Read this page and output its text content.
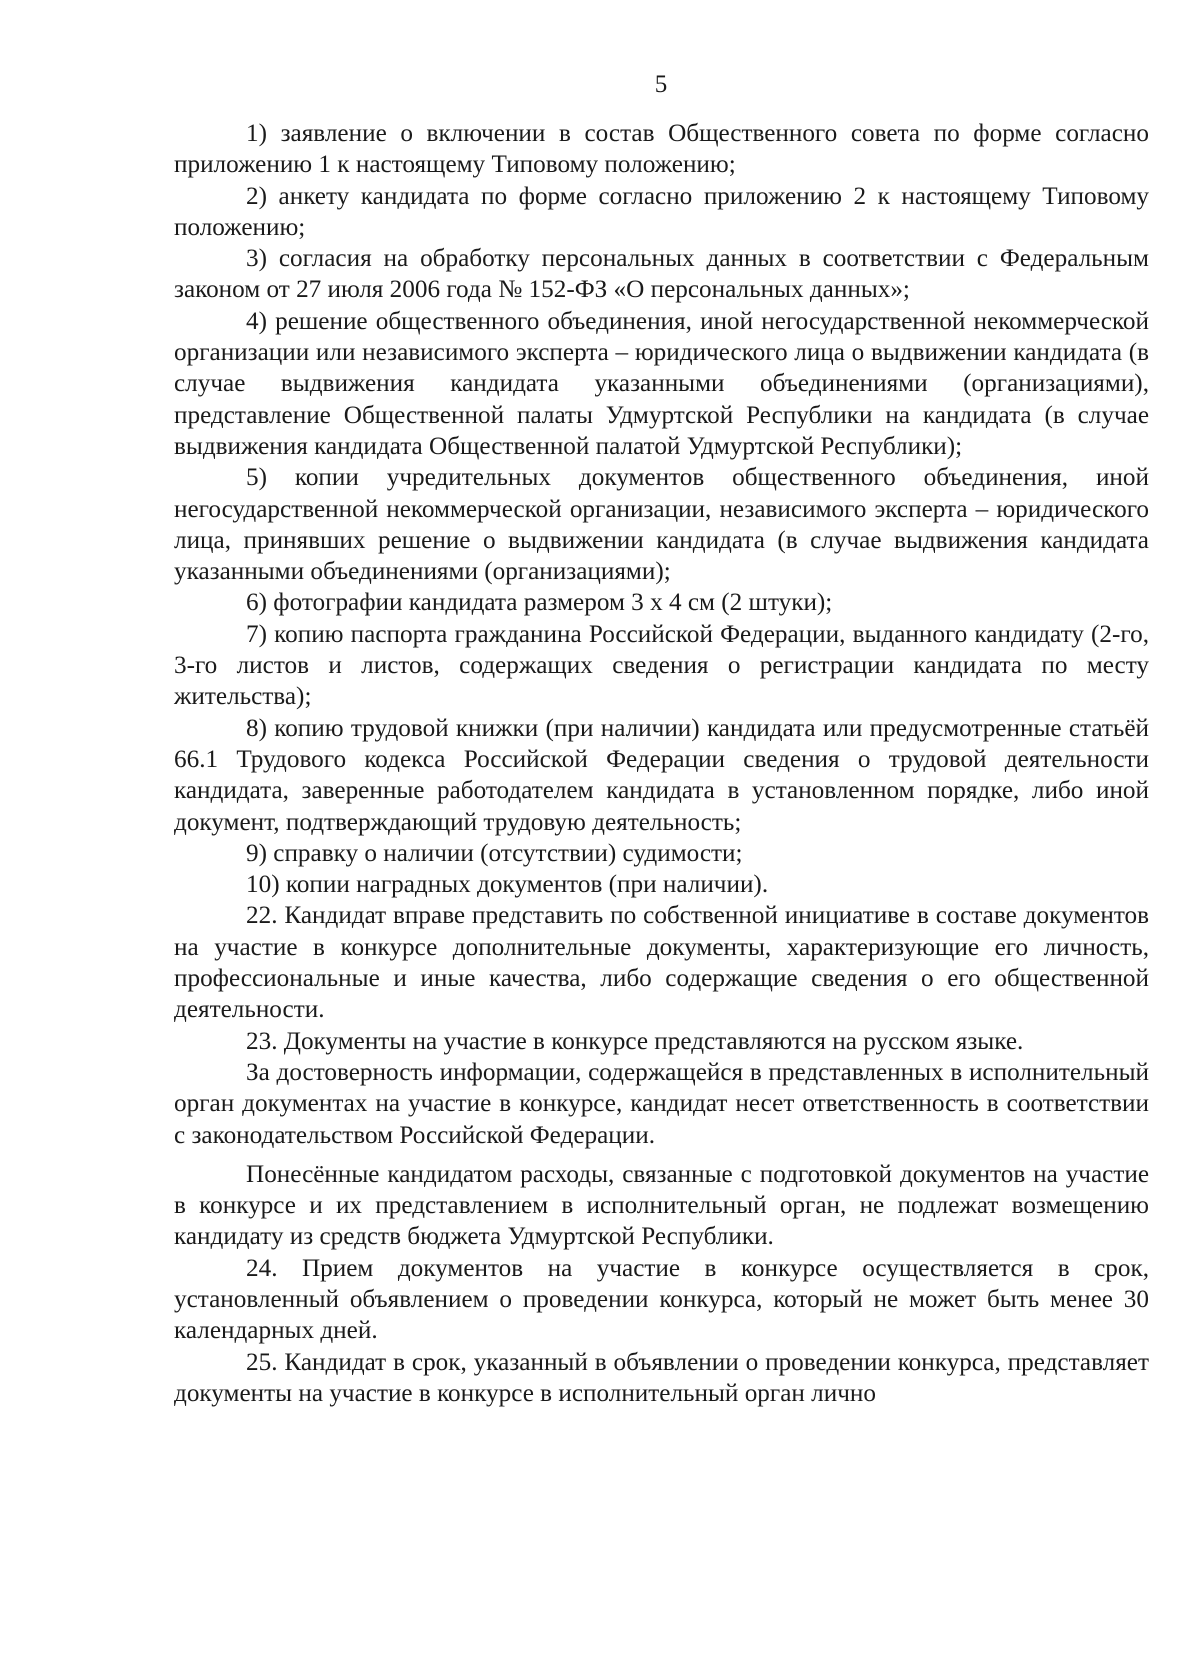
5

1) заявление о включении в состав Общественного совета по форме согласно приложению 1 к настоящему Типовому положению;

2) анкету кандидата по форме согласно приложению 2 к настоящему Типовому положению;

3) согласия на обработку персональных данных в соответствии с Федеральным законом от 27 июля 2006 года № 152-ФЗ «О персональных данных»;

4) решение общественного объединения, иной негосударственной некоммерческой организации или независимого эксперта – юридического лица о выдвижении кандидата (в случае выдвижения кандидата указанными объединениями (организациями), представление Общественной палаты Удмуртской Республики на кандидата (в случае выдвижения кандидата Общественной палатой Удмуртской Республики);

5) копии учредительных документов общественного объединения, иной негосударственной некоммерческой организации, независимого эксперта – юридического лица, принявших решение о выдвижении кандидата (в случае выдвижения кандидата указанными объединениями (организациями);

6) фотографии кандидата размером 3 х 4 см (2 штуки);

7) копию паспорта гражданина Российской Федерации, выданного кандидату (2-го, 3-го листов и листов, содержащих сведения о регистрации кандидата по месту жительства);

8) копию трудовой книжки (при наличии) кандидата или предусмотренные статьёй 66.1 Трудового кодекса Российской Федерации сведения о трудовой деятельности кандидата, заверенные работодателем кандидата в установленном порядке, либо иной документ, подтверждающий трудовую деятельность;

9) справку о наличии (отсутствии) судимости;

10) копии наградных документов (при наличии).

22. Кандидат вправе представить по собственной инициативе в составе документов на участие в конкурсе дополнительные документы, характеризующие его личность, профессиональные и иные качества, либо содержащие сведения о его общественной деятельности.

23. Документы на участие в конкурсе представляются на русском языке.

За достоверность информации, содержащейся в представленных в исполнительный орган документах на участие в конкурсе, кандидат несет ответственность в соответствии с законодательством Российской Федерации.

Понесённые кандидатом расходы, связанные с подготовкой документов на участие в конкурсе и их представлением в исполнительный орган, не подлежат возмещению кандидату из средств бюджета Удмуртской Республики.

24. Прием документов на участие в конкурсе осуществляется в срок, установленный объявлением о проведении конкурса, который не может быть менее 30 календарных дней.

25. Кандидат в срок, указанный в объявлении о проведении конкурса, представляет документы на участие в конкурсе в исполнительный орган лично
